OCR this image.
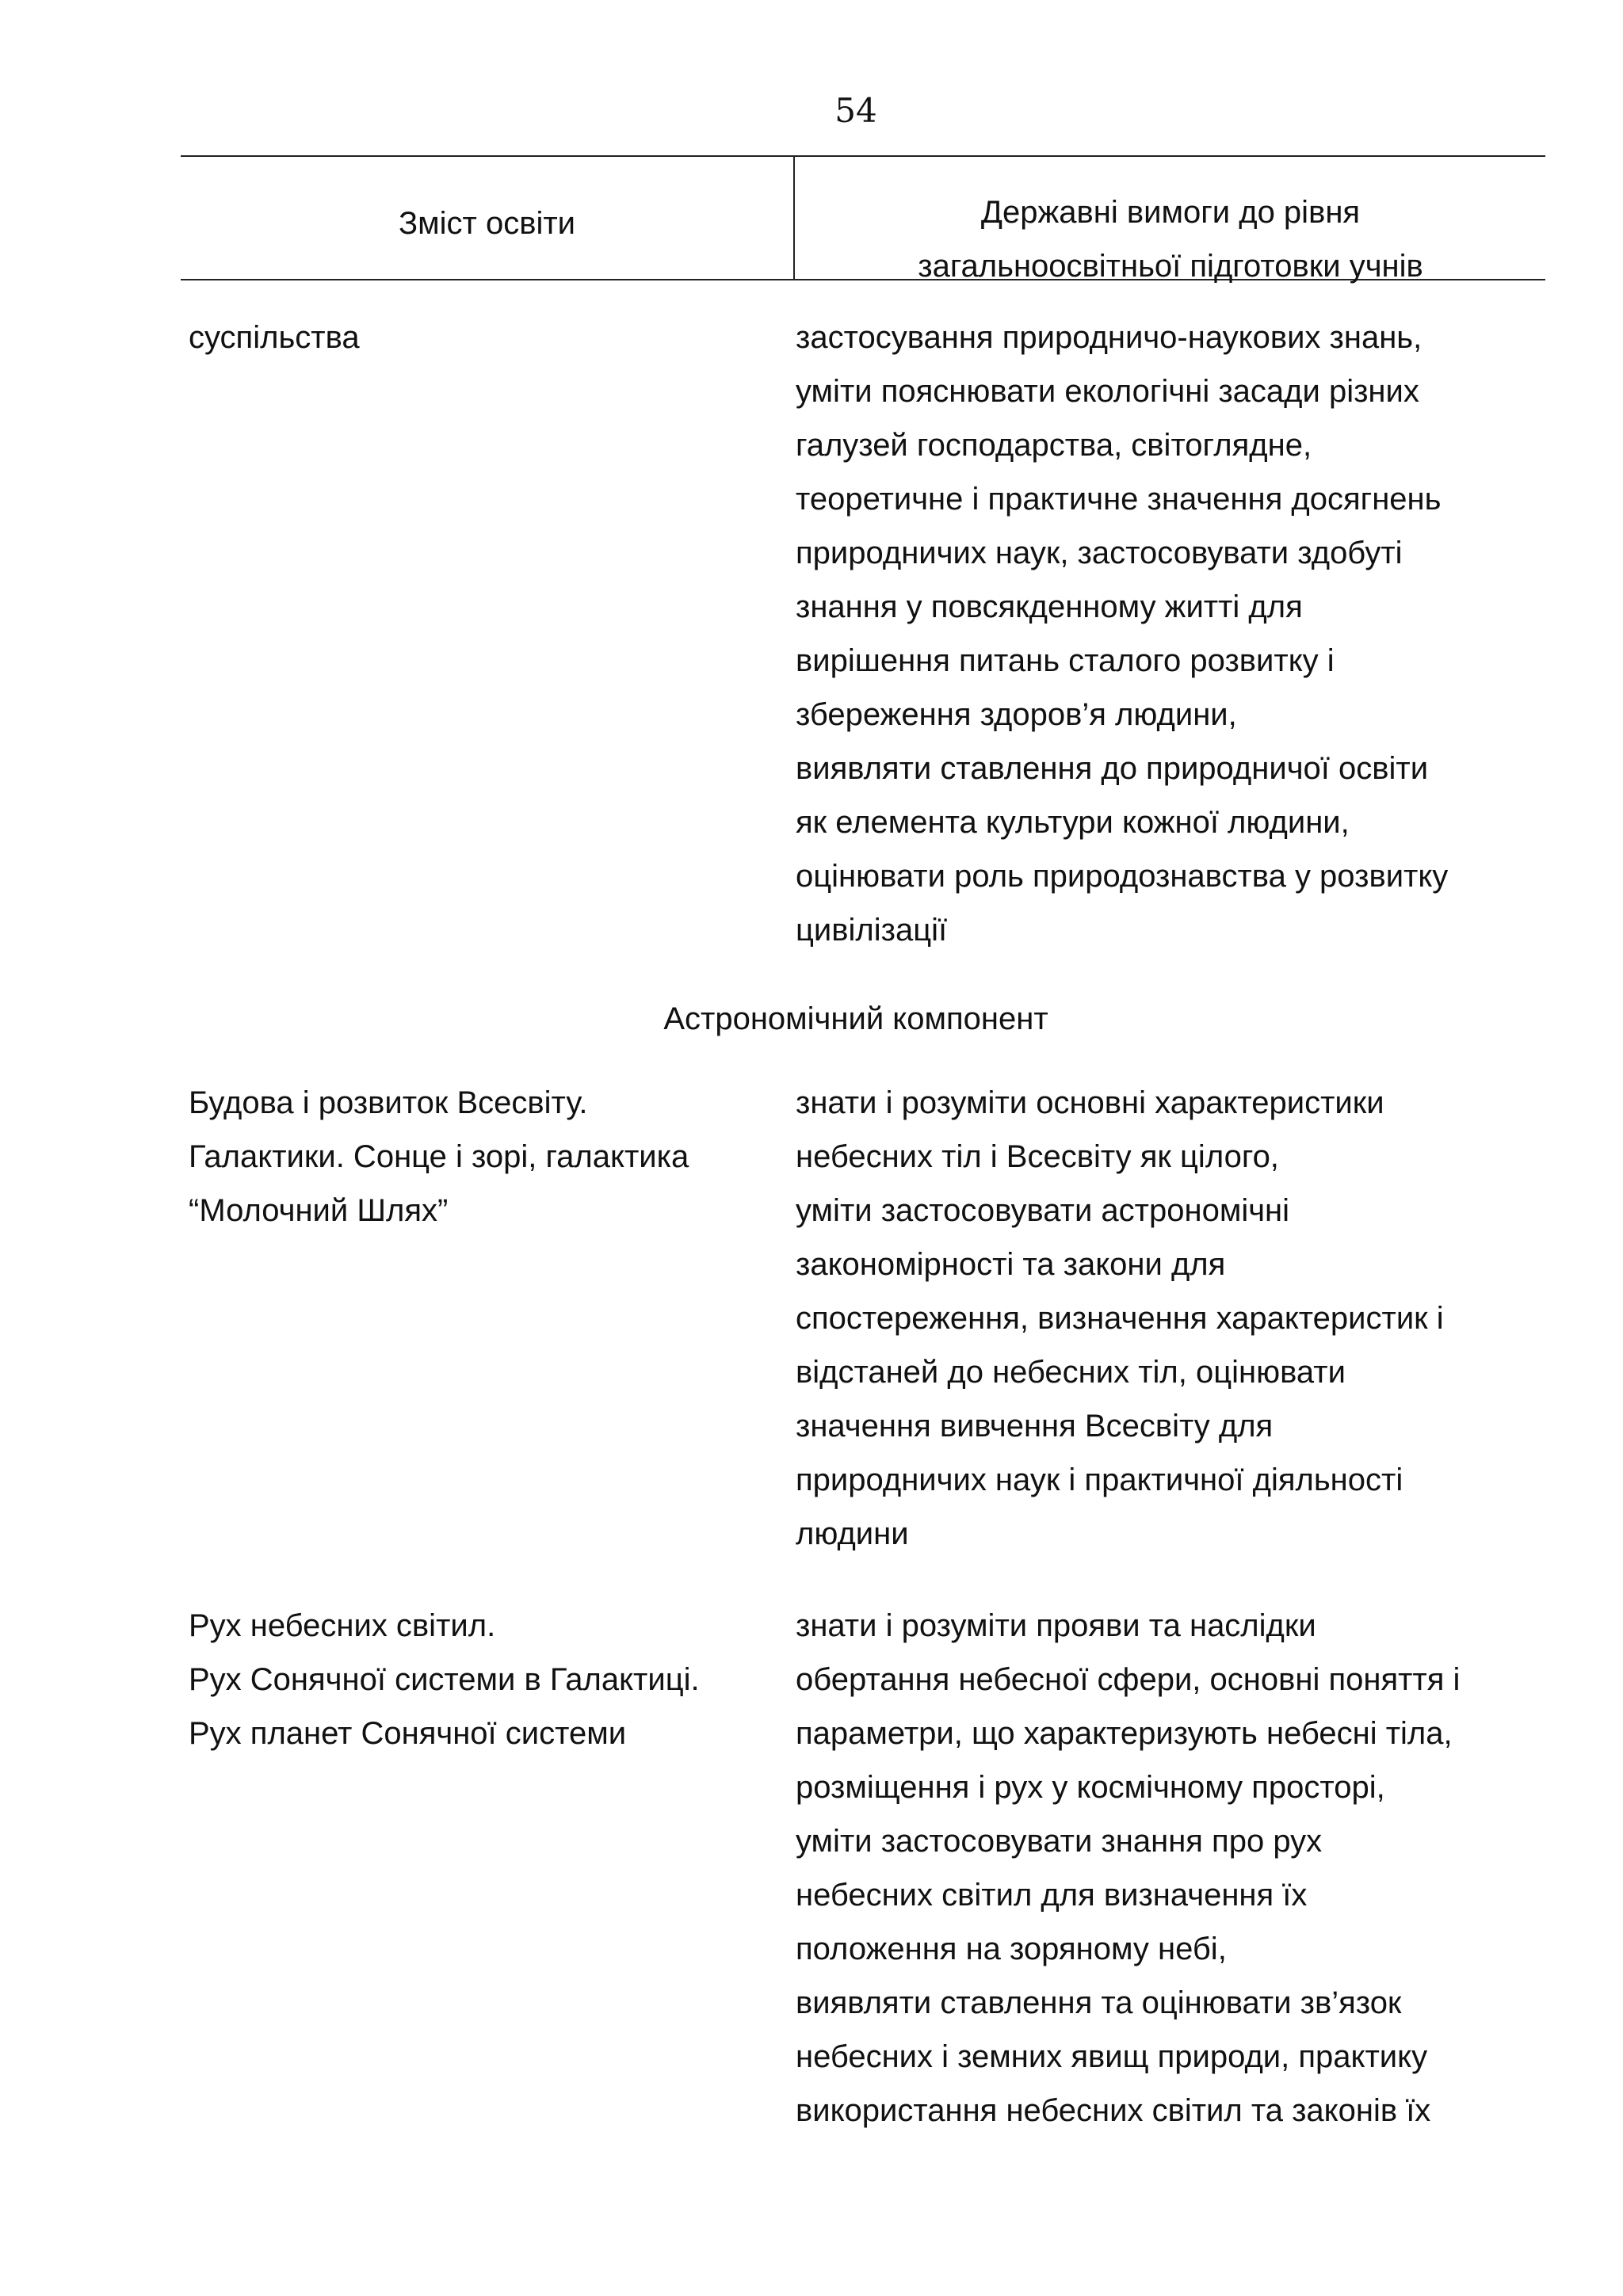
54
Зміст освіти	Державні вимоги до рівня
загальноосвітньої підготовки учнів
суспільства	застосування природничо-наукових знань,
уміти пояснювати екологічні засади різних
галузей господарства, світоглядне,
теоретичне і практичне значення досягнень
природничих наук, застосовувати здобуті
знання у повсякденному житті для
вирішення питань сталого розвитку і
збереження здоров’я людини,
виявляти ставлення до природничої освіти
як елемента культури кожної людини,
оцінювати роль природознавства у розвитку
цивілізації
Астрономічний компонент
Будова і розвиток Всесвіту.
Галактики. Сонце і зорі, галактика
“Молочний Шлях”
знати і розуміти основні характеристики
небесних тіл і Всесвіту як цілого,
уміти застосовувати астрономічні
закономірності та закони для
спостереження, визначення характеристик і
відстаней до небесних тіл, оцінювати
значення вивчення Всесвіту для
природничих наук і практичної діяльності
людини
Рух небесних світил.
Рух Сонячної системи в Галактиці.
Рух планет Сонячної системи
знати і розуміти прояви та наслідки
обертання небесної сфери, основні поняття і
параметри, що характеризують небесні тіла,
розміщення і рух у космічному просторі,
уміти застосовувати знання про рух
небесних світил для визначення їх
положення на зоряному небі,
виявляти ставлення та оцінювати зв’язок
небесних і земних явищ природи, практику
використання небесних світил та законів їх
